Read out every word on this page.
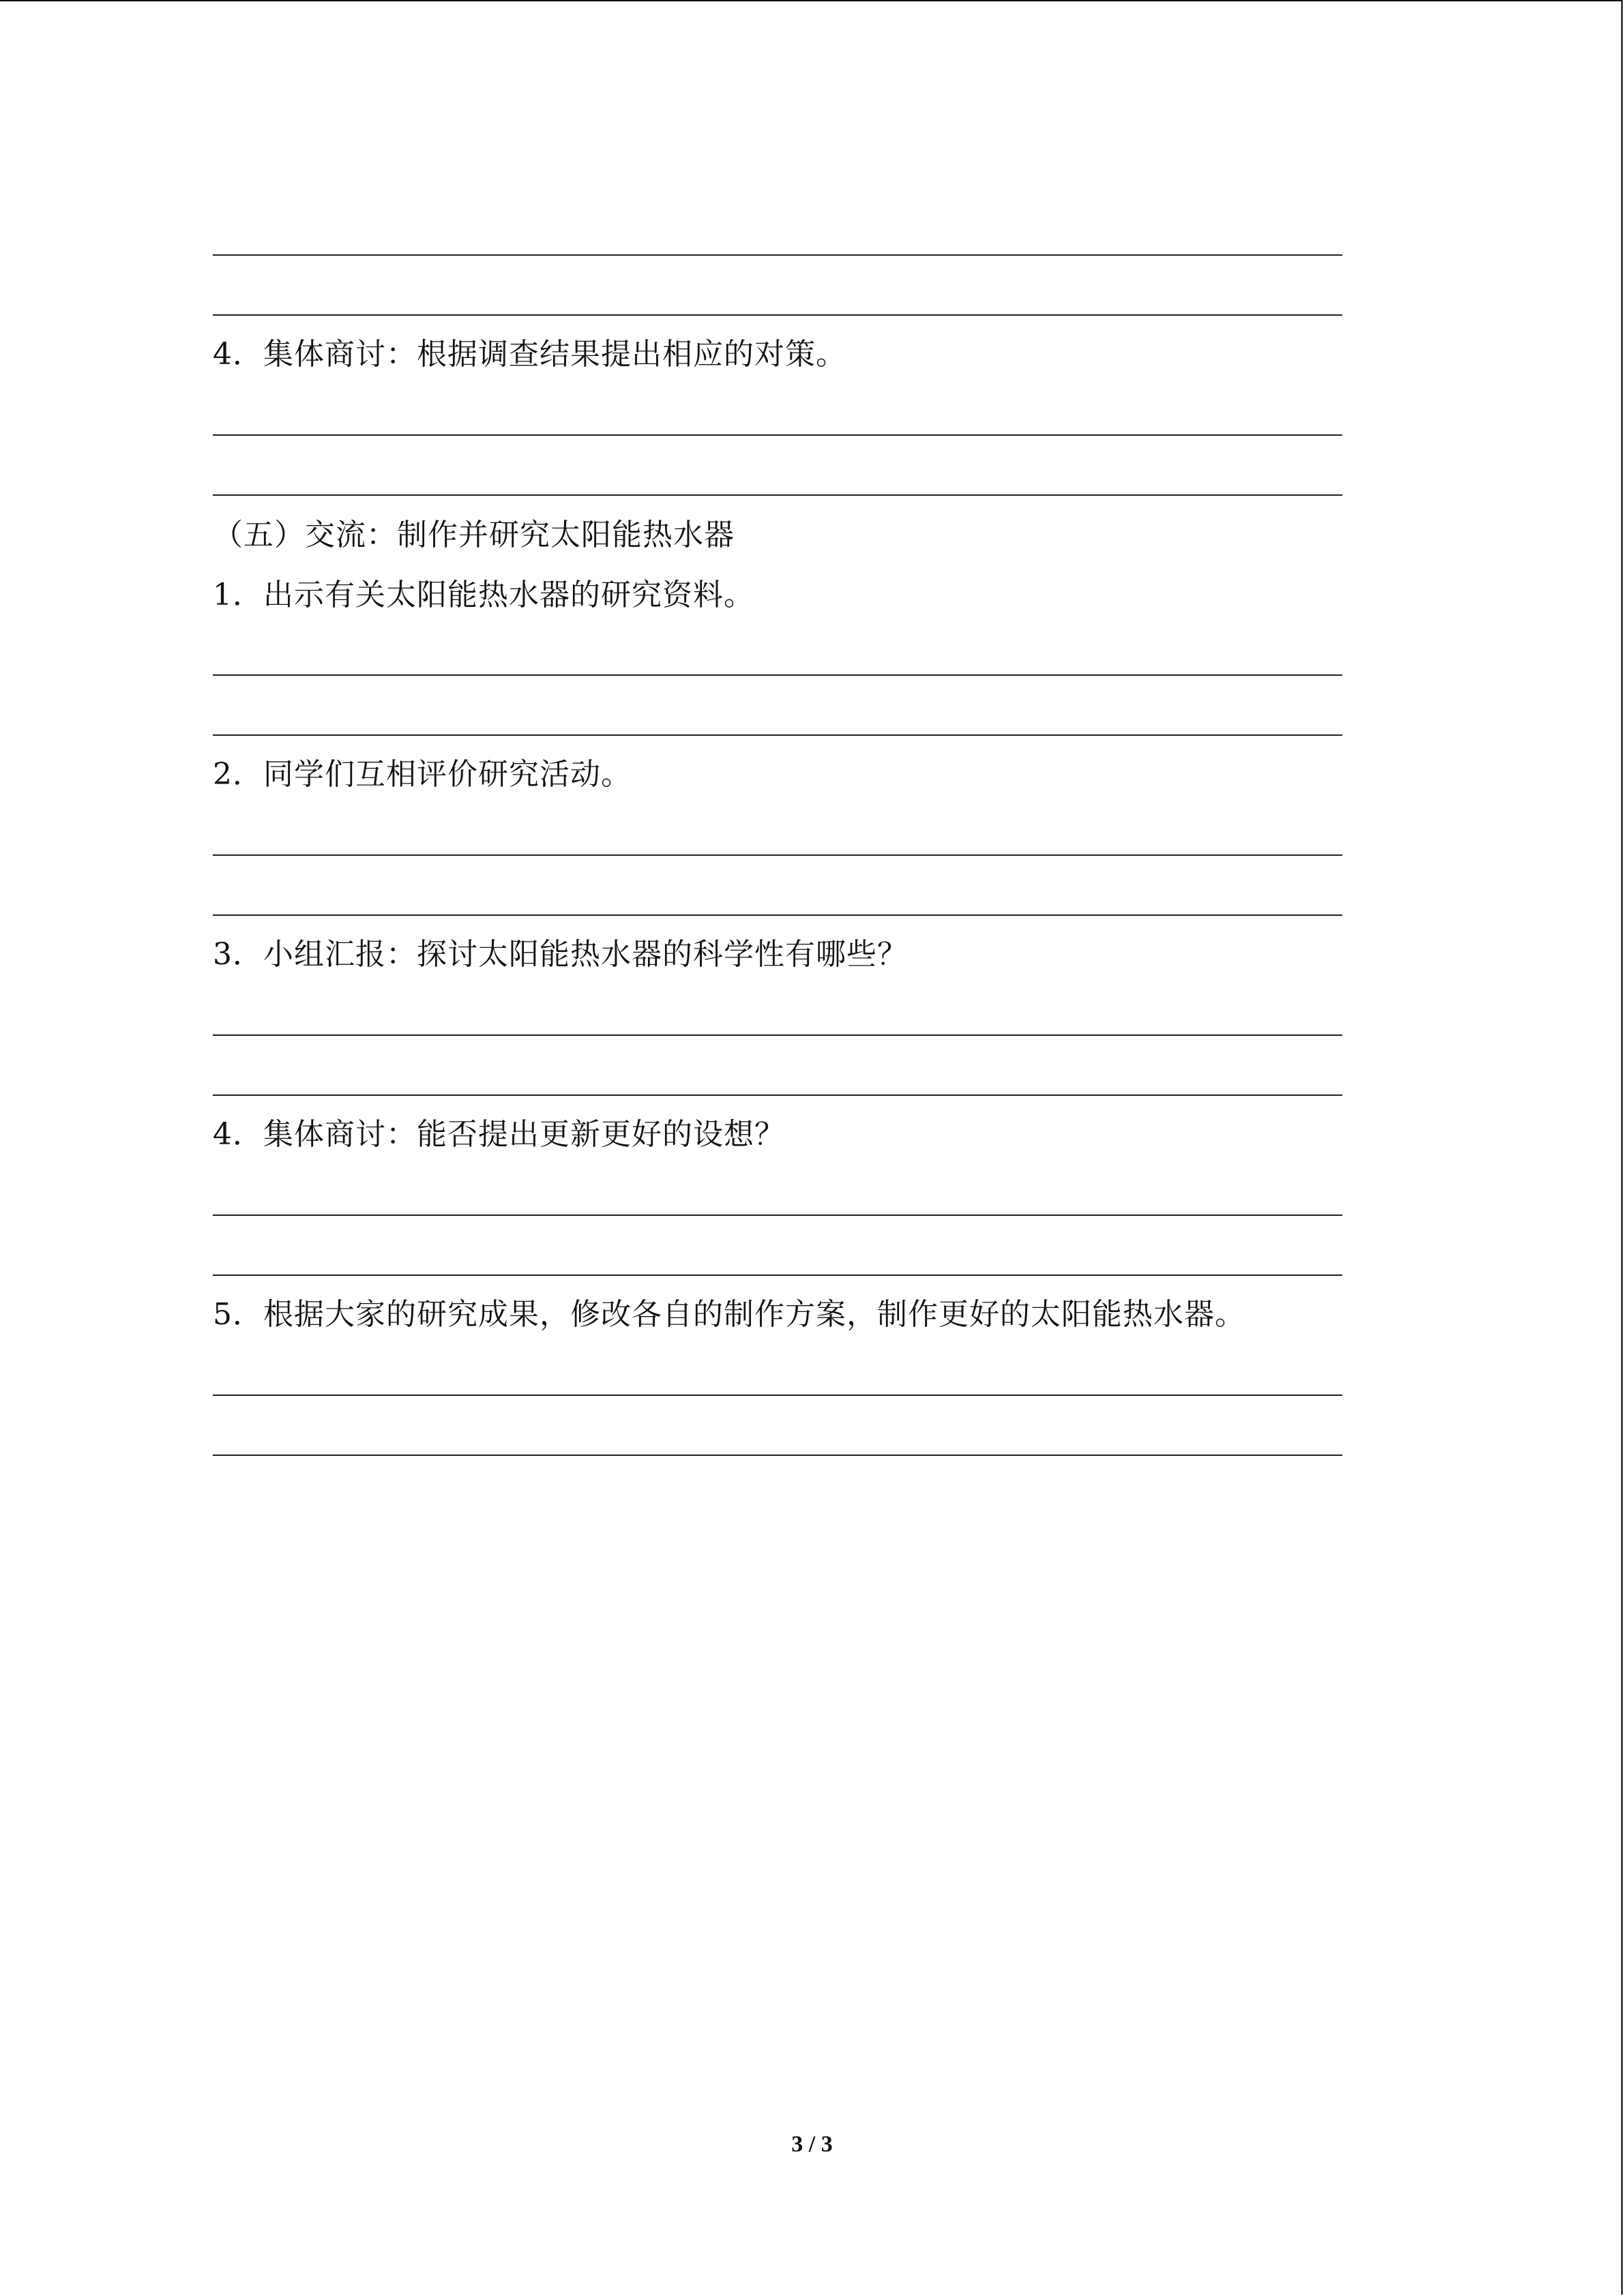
4．集体商讨：根据调查结果提出相应的对策。
（五）交流：制作并研究太阳能热水器
1．出示有关太阳能热水器的研究资料。
2．同学们互相评价研究活动。
3．小组汇报：探讨太阳能热水器的科学性有哪些？
4．集体商讨：能否提出更新更好的设想？
5．根据大家的研究成果，修改各自的制作方案，制作更好的太阳能热水器。
3 / 3
